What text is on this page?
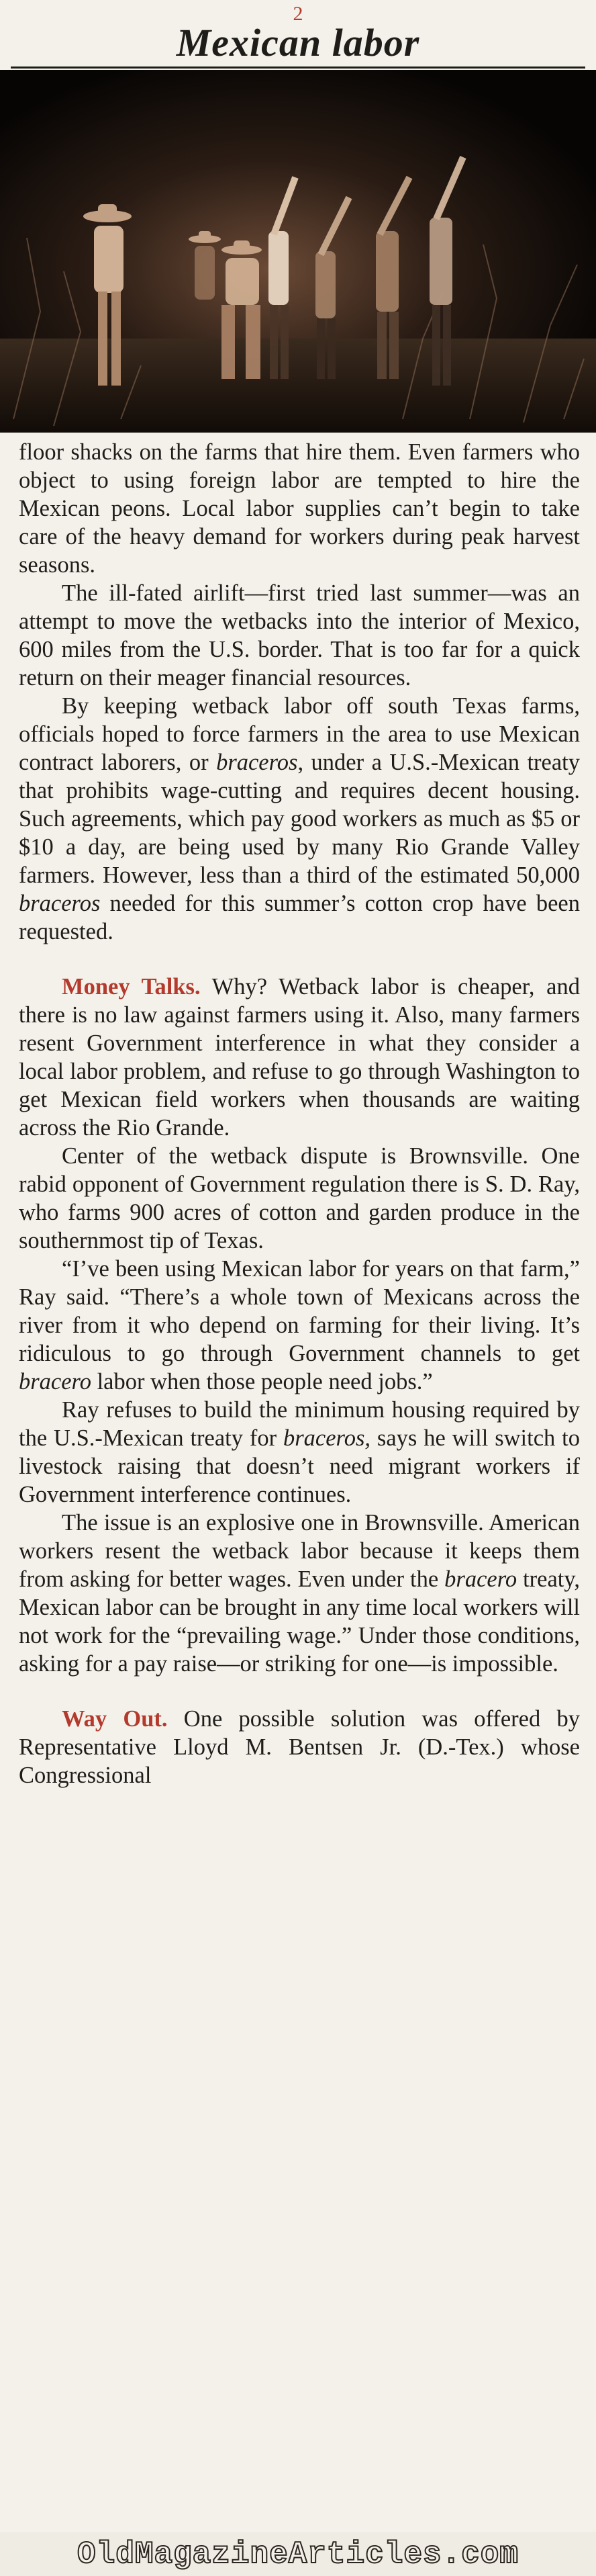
2
Mexican labor

floor shacks on the farms that hire them. Even farmers who object to using foreign labor are tempted to hire the Mexican peons. Local labor supplies can’t begin to take care of the heavy demand for workers during peak harvest seasons.

The ill-fated airlift—first tried last summer—was an attempt to move the wetbacks into the interior of Mexico, 600 miles from the U.S. border. That is too far for a quick return on their meager financial resources.

By keeping wetback labor off south Texas farms, officials hoped to force farmers in the area to use Mexican contract laborers, or braceros, under a U.S.-Mexican treaty that prohibits wage-cutting and requires decent housing. Such agreements, which pay good workers as much as $5 or $10 a day, are being used by many Rio Grande Valley farmers. However, less than a third of the estimated 50,000 braceros needed for this summer’s cotton crop have been requested.

Money Talks. Why? Wetback labor is cheaper, and there is no law against farmers using it. Also, many farmers resent Government interference in what they consider a local labor problem, and refuse to go through Washington to get Mexican field workers when thousands are waiting across the Rio Grande.

Center of the wetback dispute is Brownsville. One rabid opponent of Government regulation there is S. D. Ray, who farms 900 acres of cotton and garden produce in the southernmost tip of Texas.

“I’ve been using Mexican labor for years on that farm,” Ray said. “There’s a whole town of Mexicans across the river from it who depend on farming for their living. It’s ridiculous to go through Government channels to get bracero labor when those people need jobs.”

Ray refuses to build the minimum housing required by the U.S.-Mexican treaty for braceros, says he will switch to livestock raising that doesn’t need migrant workers if Government interference continues.

The issue is an explosive one in Brownsville. American workers resent the wetback labor because it keeps them from asking for better wages. Even under the bracero treaty, Mexican labor can be brought in any time local workers will not work for the “prevailing wage.” Under those conditions, asking for a pay raise—or striking for one—is impossible.

Way Out. One possible solution was offered by Representative Lloyd M. Bentsen Jr. (D.-Tex.) whose Congressional

OldMagazineArticles.com
